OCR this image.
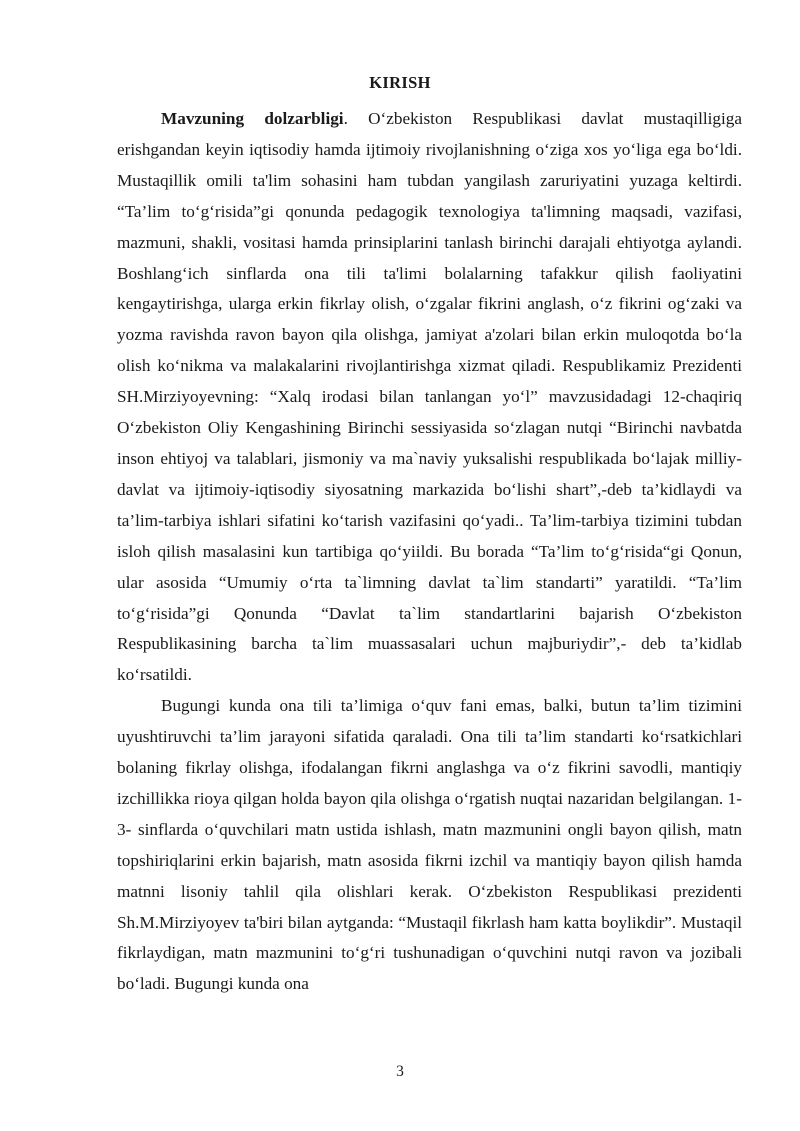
KIRISH

Mavzuning dolzarbligi. O‘zbekiston Respublikasi davlat mustaqilligiga erishgandan keyin iqtisodiy hamda ijtimoiy rivojlanishning o‘ziga xos yo‘liga ega bo‘ldi. Mustaqillik omili ta'lim sohasini ham tubdan yangilash zaruriyatini yuzaga keltirdi. “Ta’lim to‘g‘risida”gi qonunda pedagogik texnologiya ta'limning maqsadi, vazifasi, mazmuni, shakli, vositasi hamda prinsiplarini tanlash birinchi darajali ehtiyotga aylandi. Boshlang‘ich sinflarda ona tili ta'limi bolalarning tafakkur qilish faoliyatini kengaytirishga, ularga erkin fikrlay olish, o‘zgalar fikrini anglash, o‘z fikrini og‘zaki va yozma ravishda ravon bayon qila olishga, jamiyat a'zolari bilan erkin muloqotda bo‘la olish ko‘nikma va malakalarini rivojlantirishga xizmat qiladi. Respublikamiz Prezidenti SH.Mirziyoyevning: “Xalq irodasi bilan tanlangan yo‘l” mavzusidadagi 12-chaqiriq O‘zbekiston Oliy Kengashining Birinchi sessiyasida so‘zlagan nutqi “Birinchi navbatda inson ehtiyoj va talablari, jismoniy va ma`naviy yuksalishi respublikada bo‘lajak milliy-davlat va ijtimoiy-iqtisodiy siyosatning markazida bo‘lishi shart”,-deb ta’kidlaydi va ta’lim-tarbiya ishlari sifatini ko‘tarish vazifasini qo‘yadi.. Ta’lim-tarbiya tizimini tubdan isloh qilish masalasini kun tartibiga qo‘yiildi. Bu borada “Ta’lim to‘g‘risida“gi Qonun, ular asosida “Umumiy o‘rta ta`limning davlat ta`lim standarti” yaratildi. “Ta’lim to‘g‘risida”gi Qonunda “Davlat ta`lim standartlarini bajarish O‘zbekiston Respublikasining barcha ta`lim muassasalari uchun majburiydir”,- deb ta’kidlab ko‘rsatildi.

Bugungi kunda ona tili ta’limiga o‘quv fani emas, balki, butun ta’lim tizimini uyushtiruvchi ta’lim jarayoni sifatida qaraladi. Ona tili ta’lim standarti ko‘rsatkichlari bolaning fikrlay olishga, ifodalangan fikrni anglashga va o‘z fikrini savodli, mantiqiy izchillikka rioya qilgan holda bayon qila olishga o‘rgatish nuqtai nazaridan belgilangan. 1-3- sinflarda o‘quvchilari matn ustida ishlash, matn mazmunini ongli bayon qilish, matn topshiriqlarini erkin bajarish, matn asosida fikrni izchil va mantiqiy bayon qilish hamda matnni lisoniy tahlil qila olishlari kerak. O‘zbekiston Respublikasi prezidenti Sh.M.Mirziyoyev ta'biri bilan aytganda: “Mustaqil fikrlash ham katta boylikdir”. Mustaqil fikrlaydigan, matn mazmunini to‘g‘ri tushunadigan o‘quvchini nutqi ravon va jozibali bo‘ladi. Bugungi kunda ona

3
